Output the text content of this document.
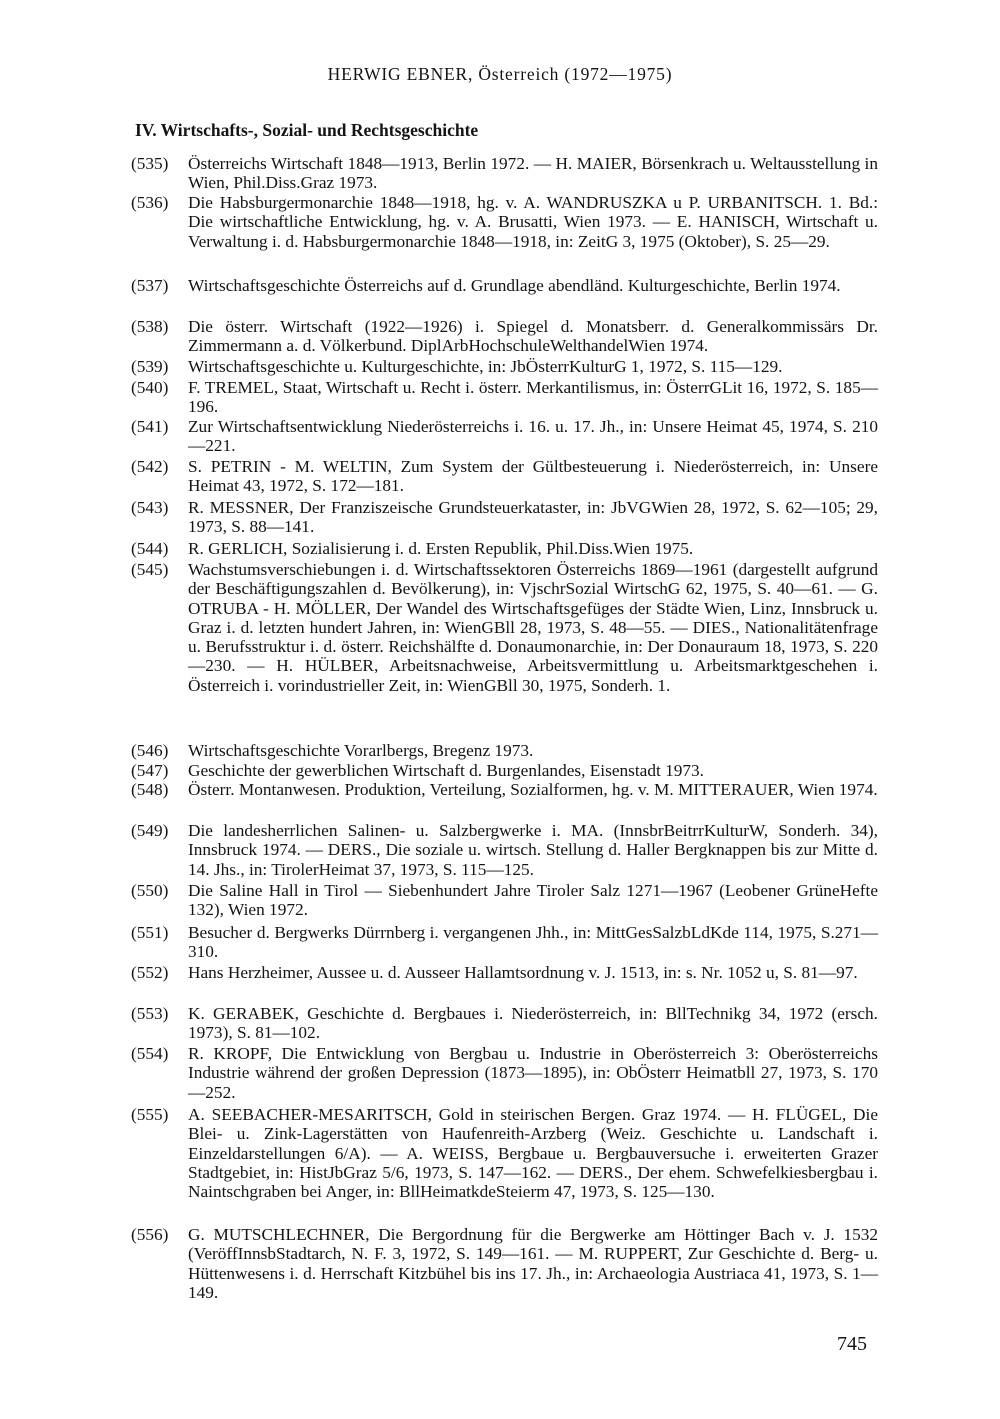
HERWIG EBNER, Österreich (1972—1975)
IV. Wirtschafts-, Sozial- und Rechtsgeschichte
(535) Österreichs Wirtschaft 1848—1913, Berlin 1972. — H. MAIER, Börsenkrach u. Weltausstellung in Wien, Phil.Diss.Graz 1973.
(536) Die Habsburgermonarchie 1848—1918, hg. v. A. WANDRUSZKA u P. URBANITSCH. 1. Bd.: Die wirtschaftliche Entwicklung, hg. v. A. Brusatti, Wien 1973. — E. HANISCH, Wirtschaft u. Verwaltung i. d. Habsburgermonarchie 1848—1918, in: ZeitG 3, 1975 (Oktober), S. 25—29.
(537) Wirtschaftsgeschichte Österreichs auf d. Grundlage abendländ. Kulturgeschichte, Berlin 1974.
(538) Die österr. Wirtschaft (1922—1926) i. Spiegel d. Monatsberr. d. Generalkommissärs Dr. Zimmermann a. d. Völkerbund. DiplArbHochschuleWelthandelWien 1974.
(539) Wirtschaftsgeschichte u. Kulturgeschichte, in: JbÖsterrKulturG 1, 1972, S. 115—129.
(540) F. TREMEL, Staat, Wirtschaft u. Recht i. österr. Merkantilismus, in: ÖsterrGLit 16, 1972, S. 185—196.
(541) Zur Wirtschaftsentwicklung Niederösterreichs i. 16. u. 17. Jh., in: Unsere Heimat 45, 1974, S. 210—221.
(542) S. PETRIN - M. WELTIN, Zum System der Gültbesteuerung i. Niederösterreich, in: Unsere Heimat 43, 1972, S. 172—181.
(543) R. MESSNER, Der Franziszeische Grundsteuerkataster, in: JbVGWien 28, 1972, S. 62—105; 29, 1973, S. 88—141.
(544) R. GERLICH, Sozialisierung i. d. Ersten Republik, Phil.Diss.Wien 1975.
(545) Wachstumsverschiebungen i. d. Wirtschaftssektoren Österreichs 1869—1961 (dargestellt aufgrund der Beschäftigungszahlen d. Bevölkerung), in: VjschrSozial WirtschG 62, 1975, S. 40—61. — G. OTRUBA - H. MÖLLER, Der Wandel des Wirtschaftsgefüges der Städte Wien, Linz, Innsbruck u. Graz i. d. letzten hundert Jahren, in: WienGBll 28, 1973, S. 48—55. — DIES., Nationalitätenfrage u. Berufsstruktur i. d. österr. Reichshälfte d. Donaumonarchie, in: Der Donauraum 18, 1973, S. 220—230. — H. HÜLBER, Arbeitsnachweise, Arbeitsvermittlung u. Arbeitsmarktgeschehen i. Österreich i. vorindustrieller Zeit, in: WienGBll 30, 1975, Sonderh. 1.
(546) Wirtschaftsgeschichte Vorarlbergs, Bregenz 1973.
(547) Geschichte der gewerblichen Wirtschaft d. Burgenlandes, Eisenstadt 1973.
(548) Österr. Montanwesen. Produktion, Verteilung, Sozialformen, hg. v. M. MITTERAUER, Wien 1974.
(549) Die landesherrlichen Salinen- u. Salzbergwerke i. MA. (InnsbrBeitrrKulturW, Sonderh. 34), Innsbruck 1974. — DERS., Die soziale u. wirtsch. Stellung d. Haller Bergknappen bis zur Mitte d. 14. Jhs., in: TirolerHeimat 37, 1973, S. 115—125.
(550) Die Saline Hall in Tirol — Siebenhundert Jahre Tiroler Salz 1271—1967 (Leobener GrüneHefte 132), Wien 1972.
(551) Besucher d. Bergwerks Dürrnberg i. vergangenen Jhh., in: MittGesSalzbLdKde 114, 1975, S.271—310.
(552) Hans Herzheimer, Aussee u. d. Ausseer Hallamtsordnung v. J. 1513, in: s. Nr. 1052 u, S. 81—97.
(553) K. GERABEK, Geschichte d. Bergbaues i. Niederösterreich, in: BllTechnikg 34, 1972 (ersch. 1973), S. 81—102.
(554) R. KROPF, Die Entwicklung von Bergbau u. Industrie in Oberösterreich 3: Oberösterreichs Industrie während der großen Depression (1873—1895), in: ObÖsterr Heimatbll 27, 1973, S. 170—252.
(555) A. SEEBACHER-MESARITSCH, Gold in steirischen Bergen. Graz 1974. — H. FLÜGEL, Die Blei- u. Zink-Lagerstätten von Haufenreith-Arzberg (Weiz. Geschichte u. Landschaft i. Einzeldarstellungen 6/A). — A. WEISS, Bergbaue u. Bergbauversuche i. erweiterten Grazer Stadtgebiet, in: HistJbGraz 5/6, 1973, S. 147—162. — DERS., Der ehem. Schwefelkiesbergbau i. Naintschgraben bei Anger, in: BllHeimatkdeSteierm 47, 1973, S. 125—130.
(556) G. MUTSCHLECHNER, Die Bergordnung für die Bergwerke am Höttinger Bach v. J. 1532 (VeröffInnsbStadtarch, N. F. 3, 1972, S. 149—161. — M. RUPPERT, Zur Geschichte d. Berg- u. Hüttenwesens i. d. Herrschaft Kitzbühel bis ins 17. Jh., in: Archaeologia Austriaca 41, 1973, S. 1—149.
745
